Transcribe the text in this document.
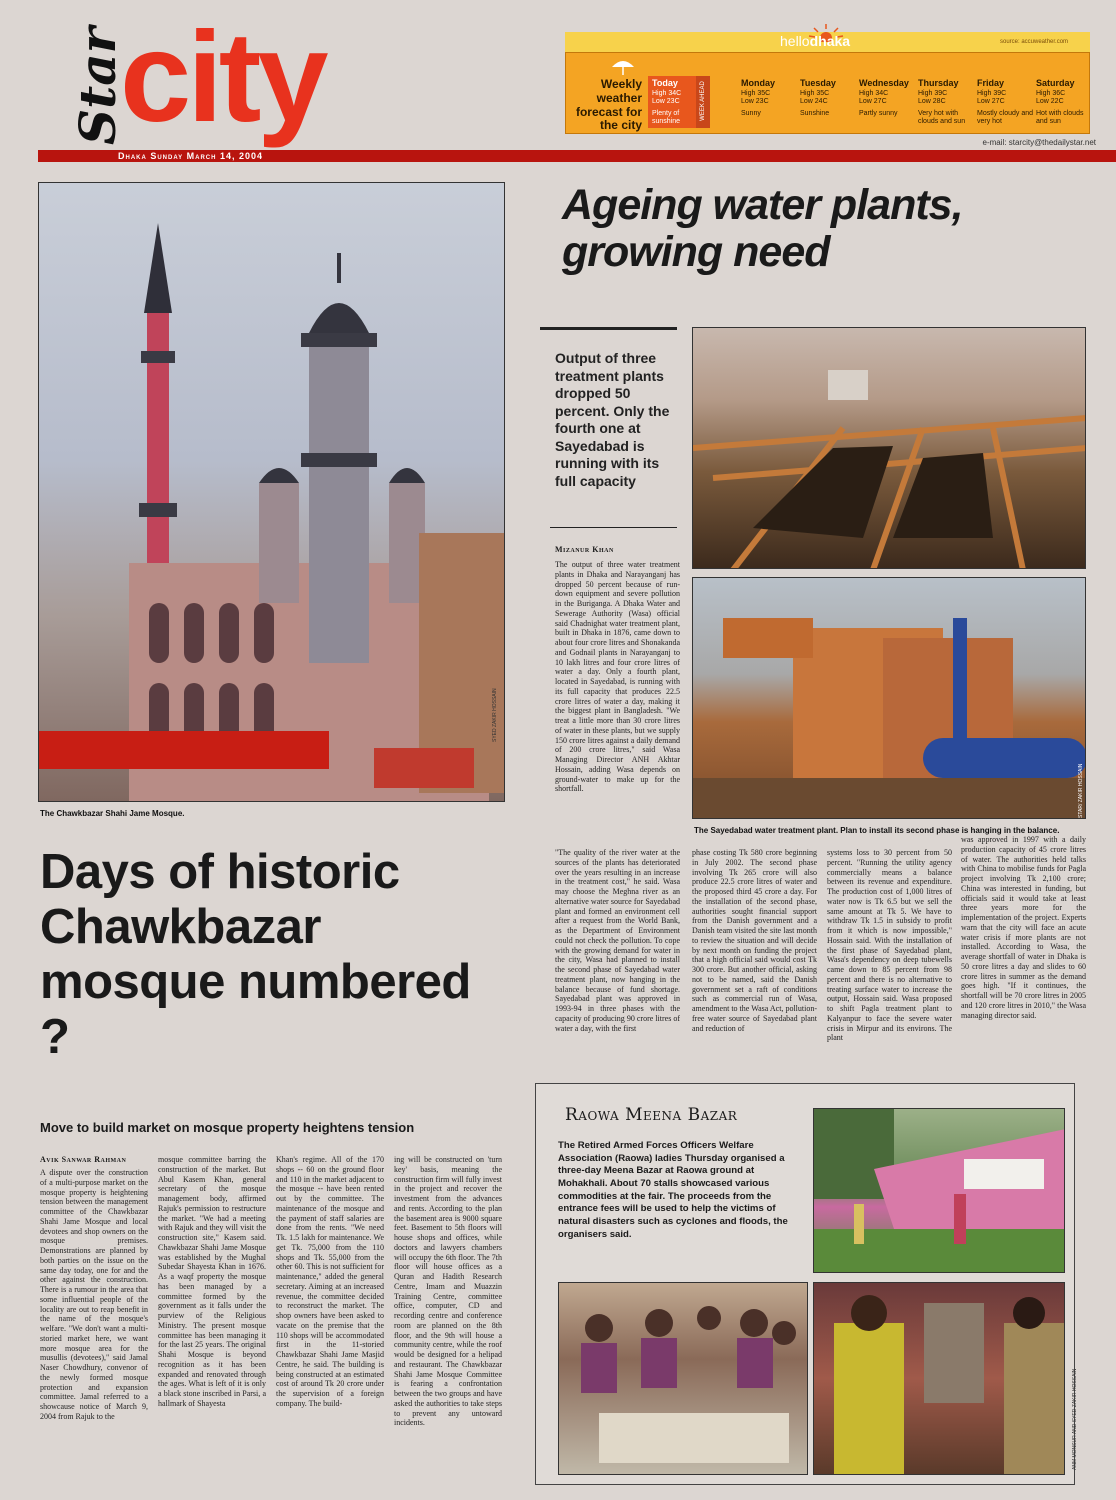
Star
city	e-mail: starcity@thedailystar.net
Dhaka Sunday March 14, 2004
hellodhaka	source: accuweather.com
Weekly weather forecast for the city
WEEK AHEAD
Today
High 34C
Low 23C
Plenty of sunshine
Monday
High 35C
Low 23C
Sunny
Tuesday
High 35C
Low 24C
Sunshine
Wednesday
High 34C
Low 27C
Partly sunny
Thursday
High 39C
Low 28C
Very hot with clouds and sun
Friday
High 39C
Low 27C
Mostly cloudy and very hot
Saturday
High 36C
Low 22C
Hot with clouds and sun
The Chawkbazar Shahi Jame Mosque.
SYED ZAKIR HOSSAIN
Ageing water plants, growing need
Output of three treatment plants dropped 50 percent. Only the fourth one at Sayedabad is running with its full capacity
The Sayedabad water treatment plant. Plan to install its second phase is hanging in the balance.
STAR/ ZAKIR HOSSAIN
Mizanur Khan
The output of three water treatment plants in Dhaka and Narayanganj has dropped 50 percent because of run-down equipment and severe pollution in the Buriganga. A Dhaka Water and Sewerage Authority (Wasa) official said Chadnighat water treatment plant, built in Dhaka in 1876, came down to about four crore litres and Shonakanda and Godnail plants in Narayanganj to 10 lakh litres and four crore litres of water a day. Only a fourth plant, located in Sayedabad, is running with its full capacity that produces 22.5 crore litres of water a day, making it the biggest plant in Bangladesh. "We treat a little more than 30 crore litres of water in these plants, but we supply 150 crore litres against a daily demand of 200 crore litres," said Wasa Managing Director ANH Akhtar Hossain, adding Wasa depends on ground-water to make up for the shortfall.
"The quality of the river water at the sources of the plants has deteriorated over the years resulting in an increase in the treatment cost," he said. Wasa may choose the Meghna river as an alternative water source for Sayedabad plant and formed an environment cell after a request from the World Bank, as the Department of Environment could not check the pollution. To cope with the growing demand for water in the city, Wasa had planned to install the second phase of Sayedabad water treatment plant, now hanging in the balance because of fund shortage. Sayedabad plant was approved in 1993-94 in three phases with the capacity of producing 90 crore litres of water a day, with the first
phase costing Tk 580 crore beginning in July 2002. The second phase involving Tk 265 crore will also produce 22.5 crore litres of water and the proposed third 45 crore a day. For the installation of the second phase, authorities sought financial support from the Danish government and a Danish team visited the site last month to review the situation and will decide by next month on funding the project that a high official said would cost Tk 300 crore. But another official, asking not to be named, said the Danish government set a raft of conditions such as commercial run of Wasa, amendment to the Wasa Act, pollution-free water source of Sayedabad plant and reduction of
systems loss to 30 percent from 50 percent. "Running the utility agency commercially means a balance between its revenue and expenditure. The production cost of 1,000 litres of water now is Tk 6.5 but we sell the same amount at Tk 5. We have to withdraw Tk 1.5 in subsidy to profit from it which is now impossible," Hossain said. With the installation of the first phase of Sayedabad plant, Wasa's dependency on deep tubewells came down to 85 percent from 98 percent and there is no alternative to treating surface water to increase the output, Hossain said. Wasa proposed to shift Pagla treatment plant to Kalyanpur to face the severe water crisis in Mirpur and its environs. The plant
was approved in 1997 with a daily production capacity of 45 crore litres of water. The authorities held talks with China to mobilise funds for Pagla project involving Tk 2,100 crore; China was interested in funding, but officials said it would take at least three years more for the implementation of the project. Experts warn that the city will face an acute water crisis if more plants are not installed. According to Wasa, the average shortfall of water in Dhaka is 50 crore litres a day and slides to 60 crore litres in summer as the demand goes high. "If it continues, the shortfall will be 70 crore litres in 2005 and 120 crore litres in 2010," the Wasa managing director said.
Days of historic Chawkbazar mosque numbered ?
Move to build market on mosque property heightens tension
Avik Sanwar Rahman
A dispute over the construction of a multi-purpose market on the mosque property is heightening tension between the management committee of the Chawkbazar Shahi Jame Mosque and local devotees and shop owners on the mosque premises. Demonstrations are planned by both parties on the issue on the same day today, one for and the other against the construction. There is a rumour in the area that some influential people of the locality are out to reap benefit in the name of the mosque's welfare. "We don't want a multi-storied market here, we want more mosque area for the musullis (devotees)," said Jamal Naser Chowdhury, convenor of the newly formed mosque protection and expansion committee. Jamal referred to a showcause notice of March 9, 2004 from Rajuk to the
mosque committee barring the construction of the market. But Abul Kasem Khan, general secretary of the mosque management body, affirmed Rajuk's permission to restructure the market. "We had a meeting with Rajuk and they will visit the construction site," Kasem said. Chawkbazar Shahi Jame Mosque was established by the Mughal Subedar Shayesta Khan in 1676. As a waqf property the mosque has been managed by a committee formed by the government as it falls under the purview of the Religious Ministry. The present mosque committee has been managing it for the last 25 years. The original Shahi Mosque is beyond recognition as it has been expanded and renovated through the ages. What is left of it is only a black stone inscribed in Parsi, a hallmark of Shayesta
Khan's regime. All of the 170 shops -- 60 on the ground floor and 110 in the market adjacent to the mosque -- have been rented out by the committee. The maintenance of the mosque and the payment of staff salaries are done from the rents. "We need Tk. 1.5 lakh for maintenance. We get Tk. 75,000 from the 110 shops and Tk. 55,000 from the other 60. This is not sufficient for maintenance," added the general secretary. Aiming at an increased revenue, the committee decided to reconstruct the market. The shop owners have been asked to vacate on the premise that the 110 shops will be accommodated first in the 11-storied Chawkbazar Shahi Jame Masjid Centre, he said. The building is being constructed at an estimated cost of around Tk 20 crore under the supervision of a foreign company. The build-
ing will be constructed on 'turn key' basis, meaning the construction firm will fully invest in the project and recover the investment from the advances and rents. According to the plan the basement area is 9000 square feet. Basement to 5th floors will house shops and offices, while doctors and lawyers chambers will occupy the 6th floor. The 7th floor will house offices as a Quran and Hadith Research Centre, Imam and Muazzin Training Centre, committee office, computer, CD and recording centre and conference room are planned on the 8th floor, and the 9th will house a community centre, while the roof would be designed for a helipad and restaurant. The Chawkbazar Shahi Jame Mosque Committee is fearing a confrontation between the two groups and have asked the authorities to take steps to prevent any untoward incidents.
Raowa Meena Bazar
The Retired Armed Forces Officers Welfare Association (Raowa) ladies Thursday organised a three-day Meena Bazar at Raowa ground at Mohakhali. About 70 stalls showcased various commodities at the fair. The proceeds from the entrance fees will be used to help the victims of natural disasters such as cyclones and floods, the organisers said.
ANM MONSUR AND SYED ZAKIR HOSSAIN
